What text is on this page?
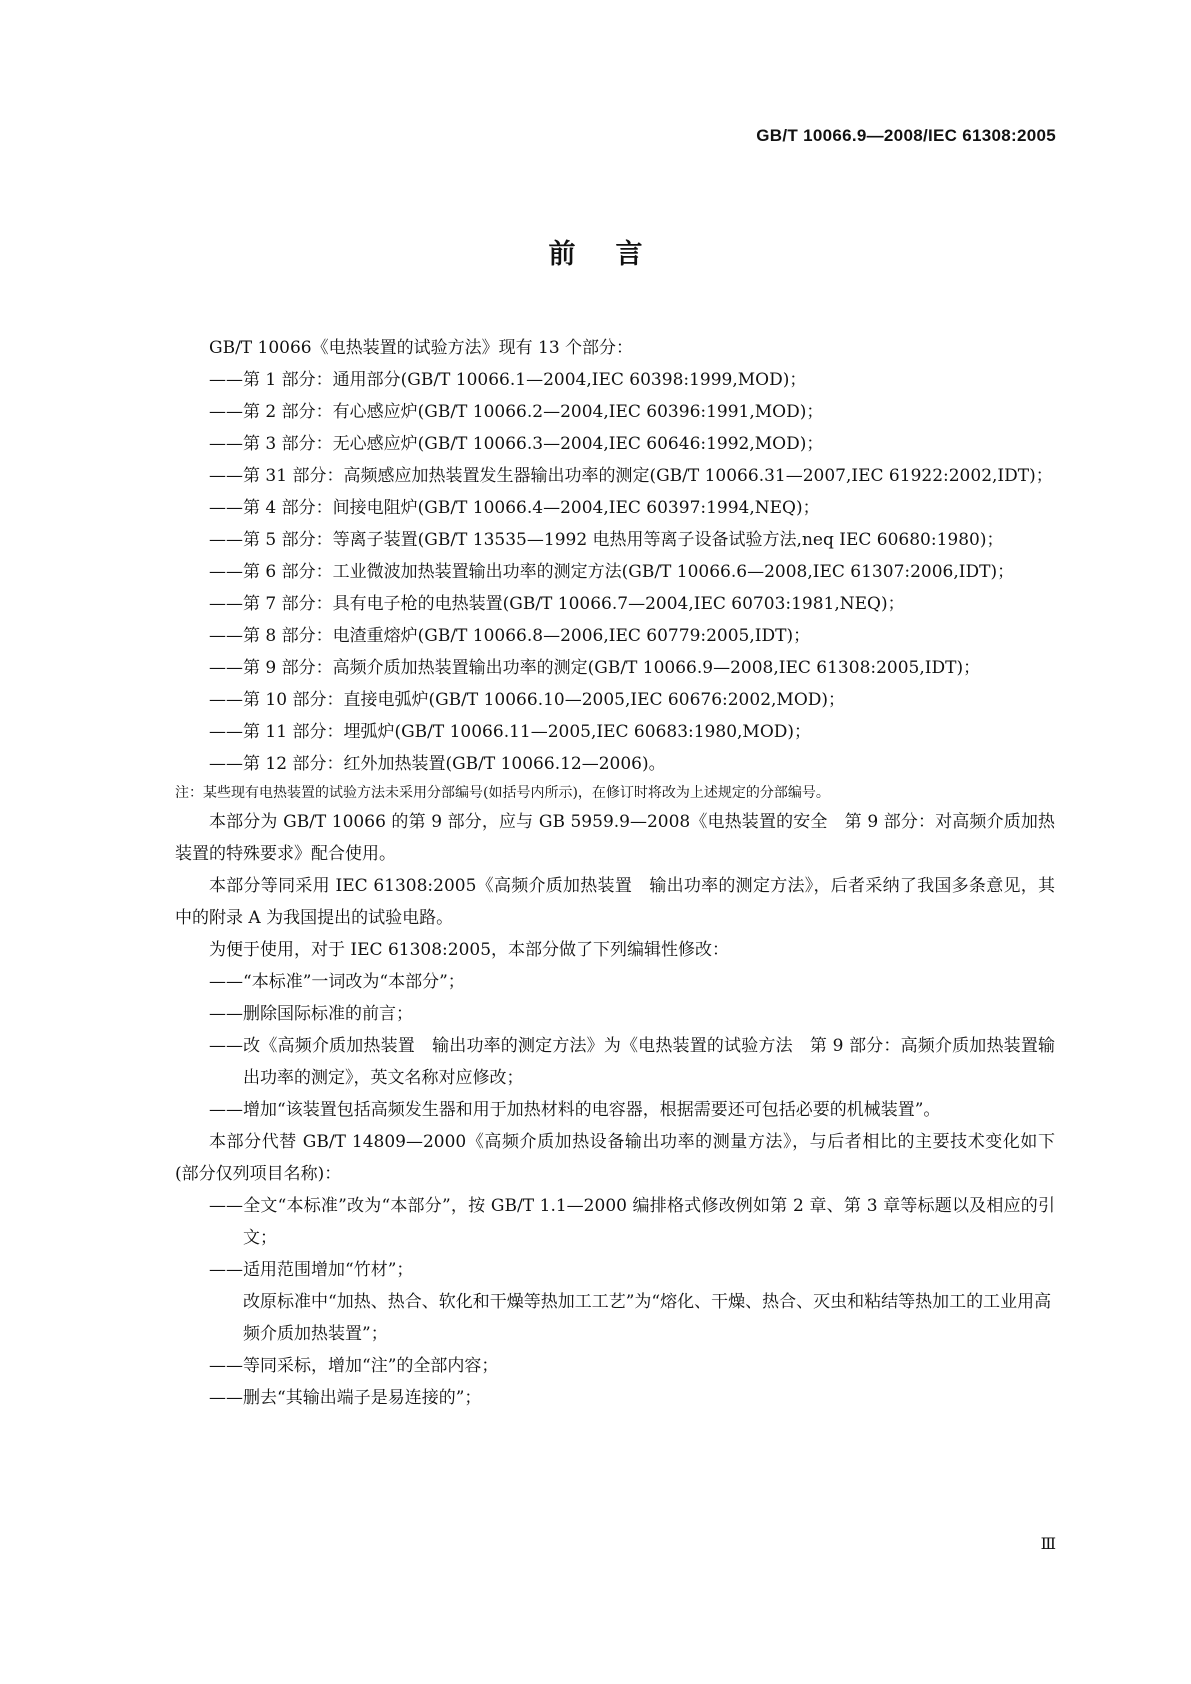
GB/T 10066.9—2008/IEC 61308:2005
前言
GB/T 10066《电热装置的试验方法》现有 13 个部分：
——第 1 部分：通用部分(GB/T 10066.1—2004,IEC 60398:1999,MOD)；
——第 2 部分：有心感应炉(GB/T 10066.2—2004,IEC 60396:1991,MOD)；
——第 3 部分：无心感应炉(GB/T 10066.3—2004,IEC 60646:1992,MOD)；
——第 31 部分：高频感应加热装置发生器输出功率的测定(GB/T 10066.31—2007,IEC 61922:2002,IDT)；
——第 4 部分：间接电阻炉(GB/T 10066.4—2004,IEC 60397:1994,NEQ)；
——第 5 部分：等离子装置(GB/T 13535—1992 电热用等离子设备试验方法,neq IEC 60680:1980)；
——第 6 部分：工业微波加热装置输出功率的测定方法(GB/T 10066.6—2008,IEC 61307:2006,IDT)；
——第 7 部分：具有电子枪的电热装置(GB/T 10066.7—2004,IEC 60703:1981,NEQ)；
——第 8 部分：电渣重熔炉(GB/T 10066.8—2006,IEC 60779:2005,IDT)；
——第 9 部分：高频介质加热装置输出功率的测定(GB/T 10066.9—2008,IEC 61308:2005,IDT)；
——第 10 部分：直接电弧炉(GB/T 10066.10—2005,IEC 60676:2002,MOD)；
——第 11 部分：埋弧炉(GB/T 10066.11—2005,IEC 60683:1980,MOD)；
——第 12 部分：红外加热装置(GB/T 10066.12—2006)。
注：某些现有电热装置的试验方法未采用分部编号(如括号内所示)，在修订时将改为上述规定的分部编号。
本部分为 GB/T 10066 的第 9 部分，应与 GB 5959.9—2008《电热装置的安全　第 9 部分：对高频介质加热装置的特殊要求》配合使用。
本部分等同采用 IEC 61308:2005《高频介质加热装置　输出功率的测定方法》，后者采纳了我国多条意见，其中的附录 A 为我国提出的试验电路。
为便于使用，对于 IEC 61308:2005，本部分做了下列编辑性修改：
——“本标准”一词改为“本部分”；
——删除国际标准的前言；
——改《高频介质加热装置　输出功率的测定方法》为《电热装置的试验方法　第 9 部分：高频介质加热装置输出功率的测定》，英文名称对应修改；
——增加“该装置包括高频发生器和用于加热材料的电容器，根据需要还可包括必要的机械装置”。
本部分代替 GB/T 14809—2000《高频介质加热设备输出功率的测量方法》，与后者相比的主要技术变化如下(部分仅列项目名称)：
——全文“本标准”改为“本部分”，按 GB/T 1.1—2000 编排格式修改例如第 2 章、第 3 章等标题以及相应的引文；
——适用范围增加“竹材”；
改原标准中“加热、热合、软化和干燥等热加工工艺”为“熔化、干燥、热合、灭虫和粘结等热加工的工业用高频介质加热装置”；
——等同采标，增加“注”的全部内容；
——删去“其输出端子是易连接的”；
Ⅲ
